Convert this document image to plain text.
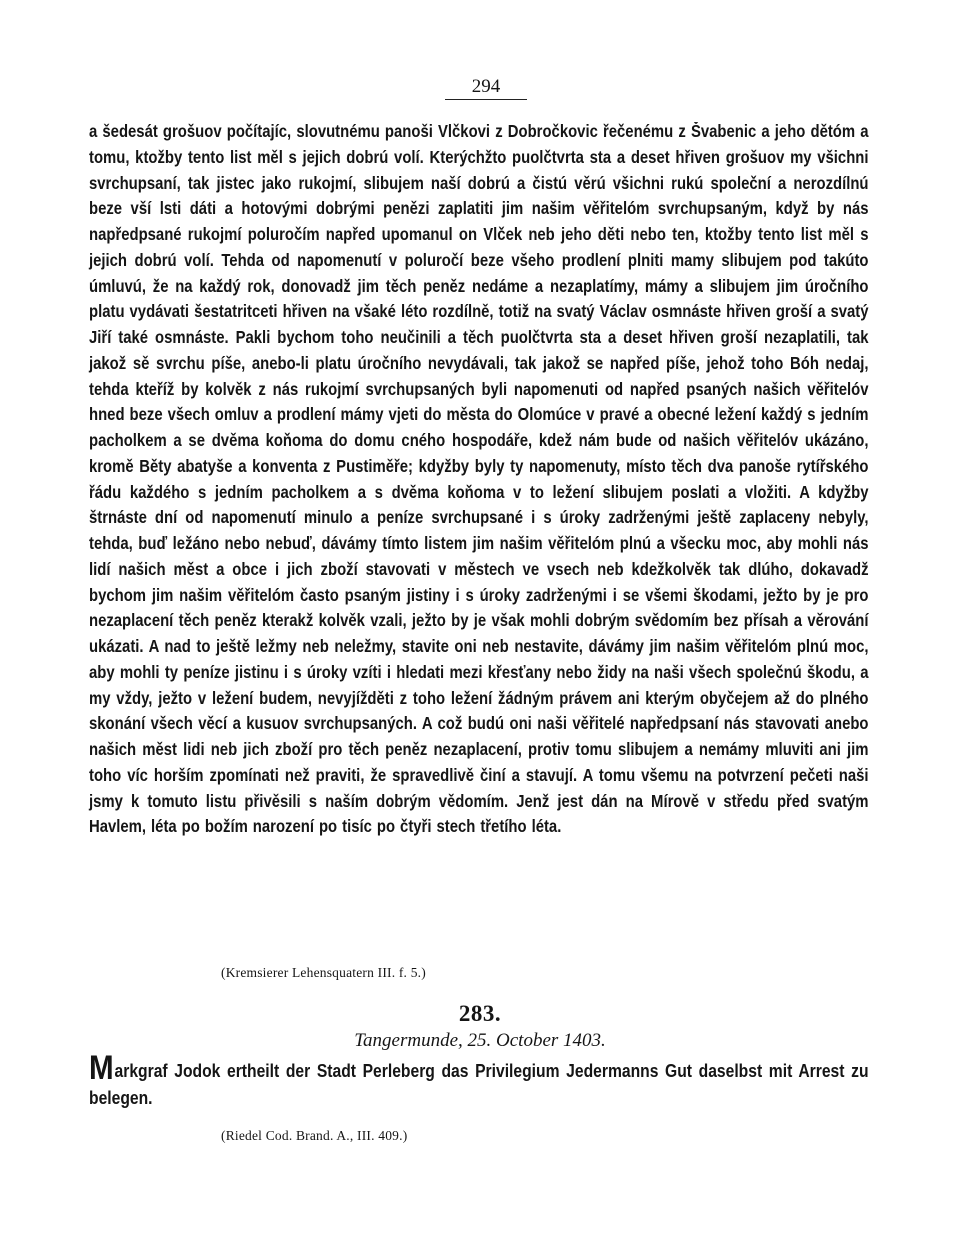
294
a šedesát grošuov počítajíc, slovutnému panoši Vlčkovi z Dobročkovic řečenému z Švabenic a jeho dětóm a tomu, ktožby tento list měl s jejich dobrú volí. Kterýchžto puolčtvrta sta a deset hřiven grošuov my všichni svrchupsaní, tak jistec jako rukojmí, slibujem naší dobrú a čistú věrú všichni rukú společní a nerozdílnú beze vší lsti dáti a hotovými dobrými penězi zaplatiti jim našim věřitelóm svrchupsaným, když by nás napředpsané rukojmí poluročím napřed upomanul on Vlček neb jeho děti nebo ten, ktožby tento list měl s jejich dobrú volí. Tehda od napomenutí v poluročí beze všeho prodlení plniti mamy slibujem pod takúto úmluvú, že na každý rok, donovadž jim těch peněz nedáme a nezaplatímy, mámy a slibujem jim úročního platu vydávati šestatritceti hřiven na všaké léto rozdílně, totiž na svatý Václav osmnáste hřiven groší a svatý Jiří také osmnáste. Pakli bychom toho neučinili a těch puolčtvrta sta a deset hřiven groší nezaplatili, tak jakož sě svrchu píše, anebo-li platu úročního nevydávali, tak jakož se napřed píše, jehož toho Bóh nedaj, tehda kteříž by kolvěk z nás rukojmí svrchupsaných byli napomenuti od napřed psaných našich věřitelóv hned beze všech omluv a prodlení mámy vjeti do města do Olomúce v pravé a obecné ležení každý s jedním pacholkem a se dvěma koňoma do domu cného hospodáře, kdež nám bude od našich věřitelóv ukázáno, kromě Běty abatyše a konventa z Pustiměře; kdyžby byly ty napomenuty, místo těch dva panoše rytířského řádu každého s jedním pacholkem a s dvěma koňoma v to ležení slibujem poslati a vložiti. A kdyžby štrnáste dní od napomenutí minulo a peníze svrchupsané i s úroky zadrženými ještě zaplaceny nebyly, tehda, buď ležáno nebo nebuď, dávámy tímto listem jim našim věřitelóm plnú a všecku moc, aby mohli nás lidí našich měst a obce i jich zboží stavovati v městech ve vsech neb kdežkolvěk tak dlúho, dokavadž bychom jim našim věřitelóm často psaným jistiny i s úroky zadrženými i se všemi škodami, ježto by je pro nezaplacení těch peněz kterakž kolvěk vzali, ježto by je však mohli dobrým svědomím bez přísah a věrování ukázati. A nad to ještě ležmy neb neležmy, stavite oni neb nestavite, dávámy jim našim věřitelóm plnú moc, aby mohli ty peníze jistinu i s úroky vzíti i hledati mezi křesťany nebo židy na naši všech společnú škodu, a my vždy, ježto v ležení budem, nevyjížděti z toho ležení žádným právem ani kterým obyčejem až do plného skonání všech věcí a kusuov svrchupsaných. A což budú oni naši věřitelé napředpsaní nás stavovati anebo našich měst lidi neb jich zboží pro těch peněz nezaplacení, protiv tomu slibujem a nemámy mluviti ani jim toho víc horším zpomínati než praviti, že spravedlivě činí a stavují. A tomu všemu na potvrzení pečeti naši jsmy k tomuto listu přivěsili s naším dobrým vědomím. Jenž jest dán na Mírově v středu před svatým Havlem, léta po božím narození po tisíc po čtyři stech třetího léta.
(Kremsierer Lehensquatern III. f. 5.)
283.
Tangermunde, 25. October 1403.
Markgraf Jodok ertheilt der Stadt Perleberg das Privilegium Jedermanns Gut daselbst mit Arrest zu belegen.
(Riedel Cod. Brand. A., III. 409.)
